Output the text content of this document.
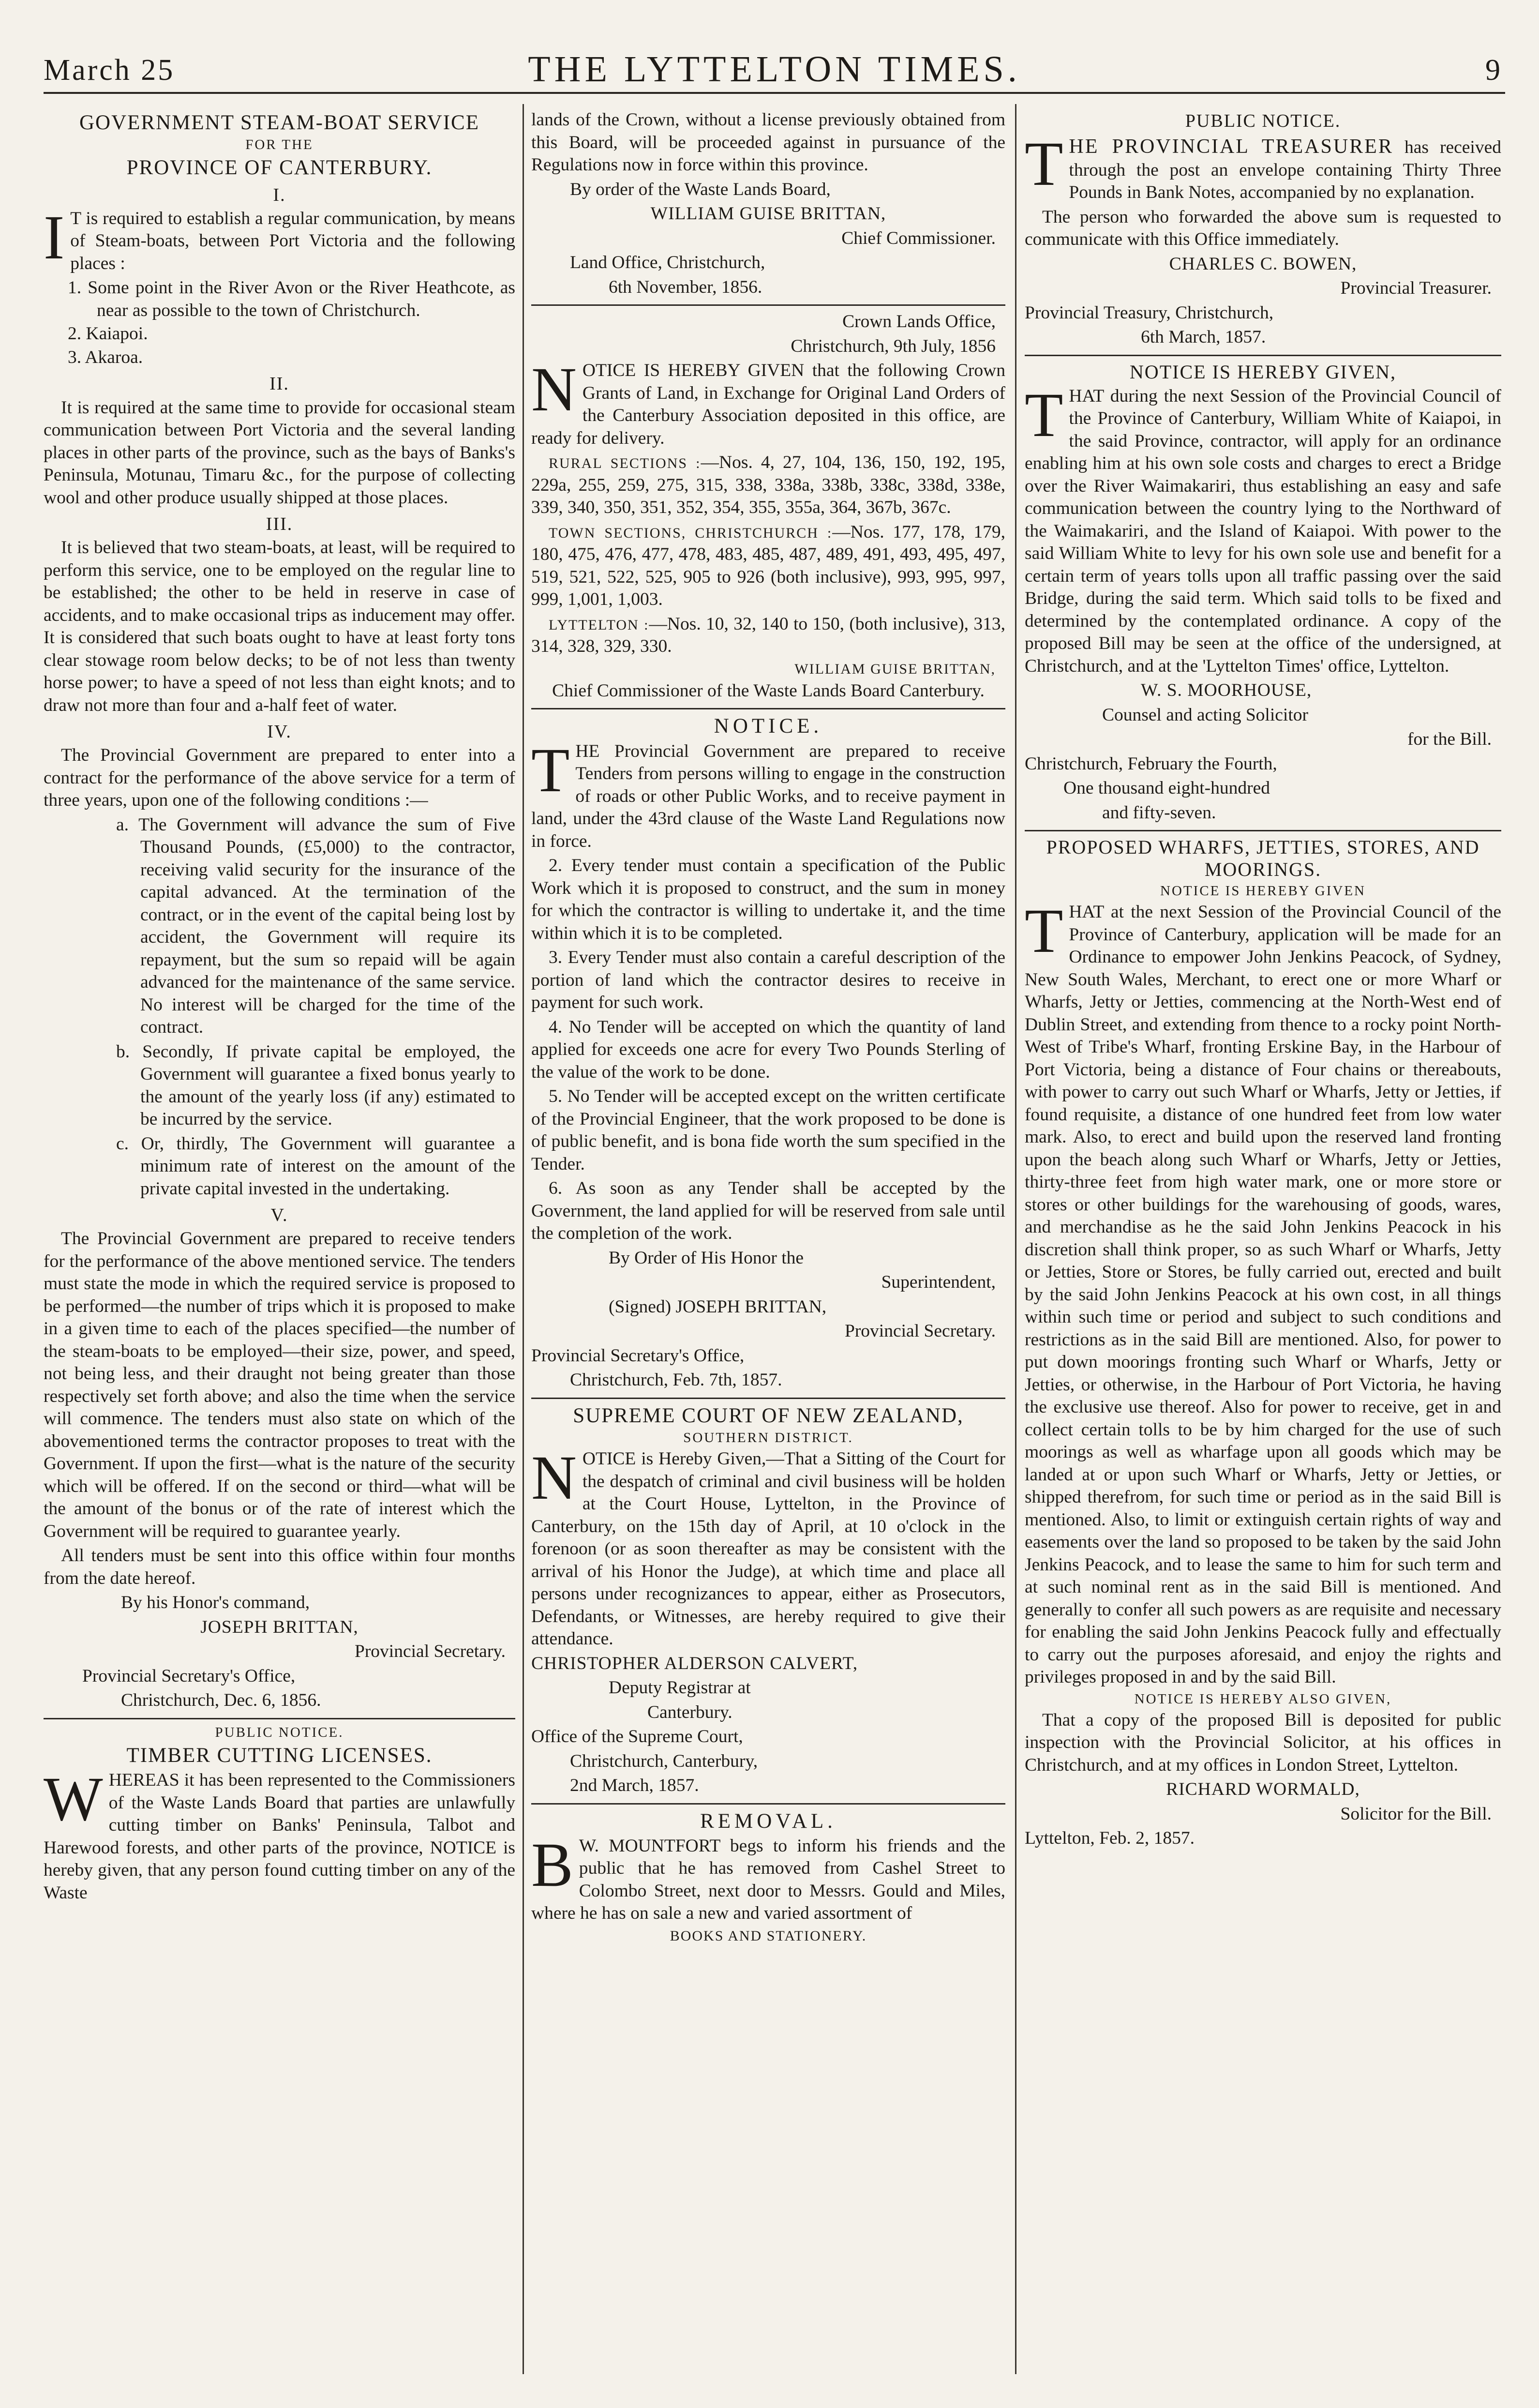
March 25	THE LYTTELTON TIMES.	9
GOVERNMENT STEAM-BOAT SERVICE
FOR THE
PROVINCE OF CANTERBURY.
I.

I T is required to establish a regular communication, by means of Steam-boats, between Port Victoria and the following places :

1. Some point in the River Avon or the River Heathcote, as near as possible to the town of Christchurch.

2. Kaiapoi.

3. Akaroa.

II.

It is required at the same time to provide for occasional steam communication between Port Victoria and the several landing places in other parts of the province, such as the bays of Banks's Peninsula, Motunau, Timaru &c., for the purpose of collecting wool and other produce usually shipped at those places.

III.

It is believed that two steam-boats, at least, will be required to perform this service, one to be employed on the regular line to be established; the other to be held in reserve in case of accidents, and to make occasional trips as inducement may offer. It is considered that such boats ought to have at least forty tons clear stowage room below decks; to be of not less than twenty horse power; to have a speed of not less than eight knots; and to draw not more than four and a-half feet of water.

IV.

The Provincial Government are prepared to enter into a contract for the performance of the above service for a term of three years, upon one of the following conditions :—

a. The Government will advance the sum of Five Thousand Pounds, (£5,000) to the contractor, receiving valid security for the insurance of the capital advanced. At the termination of the contract, or in the event of the capital being lost by accident, the Government will require its repayment, but the sum so repaid will be again advanced for the maintenance of the same service. No interest will be charged for the time of the contract.

b. Secondly, If private capital be employed, the Government will guarantee a fixed bonus yearly to the amount of the yearly loss (if any) estimated to be incurred by the service.

c. Or, thirdly, The Government will guarantee a minimum rate of interest on the amount of the private capital invested in the undertaking.

V.

The Provincial Government are prepared to receive tenders for the performance of the above mentioned service. The tenders must state the mode in which the required service is proposed to be performed—the number of trips which it is proposed to make in a given time to each of the places specified—the number of the steam-boats to be employed—their size, power, and speed, not being less, and their draught not being greater than those respectively set forth above; and also the time when the service will commence. The tenders must also state on which of the abovementioned terms the contractor proposes to treat with the Government. If upon the first—what is the nature of the security which will be offered. If on the second or third—what will be the amount of the bonus or of the rate of interest which the Government will be required to guarantee yearly.

All tenders must be sent into this office within four months from the date hereof.

By his Honor's command,

JOSEPH BRITTAN,

Provincial Secretary.

Provincial Secretary's Office,

Christchurch, Dec. 6, 1856.

PUBLIC NOTICE.
TIMBER CUTTING LICENSES.

WHEREAS it has been represented to the Commissioners of the Waste Lands Board that parties are unlawfully cutting timber on Banks' Peninsula, Talbot and Harewood forests, and other parts of the province, NOTICE is hereby given, that any person found cutting timber on any of the Waste

lands of the Crown, without a license previously obtained from this Board, will be proceeded against in pursuance of the Regulations now in force within this province.

By order of the Waste Lands Board,

WILLIAM GUISE BRITTAN,

Chief Commissioner.

Land Office, Christchurch,

6th November, 1856.

Crown Lands Office,

Christchurch, 9th July, 1856

NOTICE IS HEREBY GIVEN that the following Crown Grants of Land, in Exchange for Original Land Orders of the Canterbury Association deposited in this office, are ready for delivery.

RURAL SECTIONS :—Nos. 4, 27, 104, 136, 150, 192, 195, 229a, 255, 259, 275, 315, 338, 338a, 338b, 338c, 338d, 338e, 339, 340, 350, 351, 352, 354, 355, 355a, 364, 367b, 367c.

TOWN SECTIONS, CHRISTCHURCH :—Nos. 177, 178, 179, 180, 475, 476, 477, 478, 483, 485, 487, 489, 491, 493, 495, 497, 519, 521, 522, 525, 905 to 926 (both inclusive), 993, 995, 997, 999, 1,001, 1,003.

LYTTELTON :—Nos. 10, 32, 140 to 150, (both inclusive), 313, 314, 328, 329, 330.

WILLIAM GUISE BRITTAN,

Chief Commissioner of the Waste Lands Board Canterbury.

NOTICE.

THE Provincial Government are prepared to receive Tenders from persons willing to engage in the construction of roads or other Public Works, and to receive payment in land, under the 43rd clause of the Waste Land Regulations now in force.

2. Every tender must contain a specification of the Public Work which it is proposed to construct, and the sum in money for which the contractor is willing to undertake it, and the time within which it is to be completed.

3. Every Tender must also contain a careful description of the portion of land which the contractor desires to receive in payment for such work.

4. No Tender will be accepted on which the quantity of land applied for exceeds one acre for every Two Pounds Sterling of the value of the work to be done.

5. No Tender will be accepted except on the written certificate of the Provincial Engineer, that the work proposed to be done is of public benefit, and is bona fide worth the sum specified in the Tender.

6. As soon as any Tender shall be accepted by the Government, the land applied for will be reserved from sale until the completion of the work.

By Order of His Honor the

Superintendent,

(Signed) JOSEPH BRITTAN,

Provincial Secretary.

Provincial Secretary's Office,

Christchurch, Feb. 7th, 1857.

SUPREME COURT OF NEW ZEALAND,
SOUTHERN DISTRICT.

NOTICE is Hereby Given,—That a Sitting of the Court for the despatch of criminal and civil business will be holden at the Court House, Lyttelton, in the Province of Canterbury, on the 15th day of April, at 10 o'clock in the forenoon (or as soon thereafter as may be consistent with the arrival of his Honor the Judge), at which time and place all persons under recognizances to appear, either as Prosecutors, Defendants, or Witnesses, are hereby required to give their attendance.

CHRISTOPHER ALDERSON CALVERT,

Deputy Registrar at

Canterbury.

Office of the Supreme Court,

Christchurch, Canterbury,

2nd March, 1857.

REMOVAL.

B W. MOUNTFORT begs to inform his friends and the public that he has removed from Cashel Street to Colombo Street, next door to Messrs. Gould and Miles, where he has on sale a new and varied assortment of

BOOKS AND STATIONERY.

PUBLIC NOTICE.

THE PROVINCIAL TREASURER has received through the post an envelope containing Thirty Three Pounds in Bank Notes, accompanied by no explanation.

The person who forwarded the above sum is requested to communicate with this Office immediately.

CHARLES C. BOWEN,

Provincial Treasurer.

Provincial Treasury, Christchurch,

6th March, 1857.

NOTICE IS HEREBY GIVEN,

THAT during the next Session of the Provincial Council of the Province of Canterbury, William White of Kaiapoi, in the said Province, contractor, will apply for an ordinance enabling him at his own sole costs and charges to erect a Bridge over the River Waimakariri, thus establishing an easy and safe communication between the country lying to the Northward of the Waimakariri, and the Island of Kaiapoi. With power to the said William White to levy for his own sole use and benefit for a certain term of years tolls upon all traffic passing over the said Bridge, during the said term. Which said tolls to be fixed and determined by the contemplated ordinance. A copy of the proposed Bill may be seen at the office of the undersigned, at Christchurch, and at the 'Lyttelton Times' office, Lyttelton.

W. S. MOORHOUSE,

Counsel and acting Solicitor

for the Bill.

Christchurch, February the Fourth,

One thousand eight-hundred

and fifty-seven.

PROPOSED WHARFS, JETTIES, STORES, AND MOORINGS.
NOTICE IS HEREBY GIVEN

THAT at the next Session of the Provincial Council of the Province of Canterbury, application will be made for an Ordinance to empower John Jenkins Peacock, of Sydney, New South Wales, Merchant, to erect one or more Wharf or Wharfs, Jetty or Jetties, commencing at the North-West end of Dublin Street, and extending from thence to a rocky point North-West of Tribe's Wharf, fronting Erskine Bay, in the Harbour of Port Victoria, being a distance of Four chains or thereabouts, with power to carry out such Wharf or Wharfs, Jetty or Jetties, if found requisite, a distance of one hundred feet from low water mark. Also, to erect and build upon the reserved land fronting upon the beach along such Wharf or Wharfs, Jetty or Jetties, thirty-three feet from high water mark, one or more store or stores or other buildings for the warehousing of goods, wares, and merchandise as he the said John Jenkins Peacock in his discretion shall think proper, so as such Wharf or Wharfs, Jetty or Jetties, Store or Stores, be fully carried out, erected and built by the said John Jenkins Peacock at his own cost, in all things within such time or period and subject to such conditions and restrictions as in the said Bill are mentioned. Also, for power to put down moorings fronting such Wharf or Wharfs, Jetty or Jetties, or otherwise, in the Harbour of Port Victoria, he having the exclusive use thereof. Also for power to receive, get in and collect certain tolls to be by him charged for the use of such moorings as well as wharfage upon all goods which may be landed at or upon such Wharf or Wharfs, Jetty or Jetties, or shipped therefrom, for such time or period as in the said Bill is mentioned. Also, to limit or extinguish certain rights of way and easements over the land so proposed to be taken by the said John Jenkins Peacock, and to lease the same to him for such term and at such nominal rent as in the said Bill is mentioned. And generally to confer all such powers as are requisite and necessary for enabling the said John Jenkins Peacock fully and effectually to carry out the purposes aforesaid, and enjoy the rights and privileges proposed in and by the said Bill.

NOTICE IS HEREBY ALSO GIVEN,

That a copy of the proposed Bill is deposited for public inspection with the Provincial Solicitor, at his offices in Christchurch, and at my offices in London Street, Lyttelton.

RICHARD WORMALD,

Solicitor for the Bill.

Lyttelton, Feb. 2, 1857.
